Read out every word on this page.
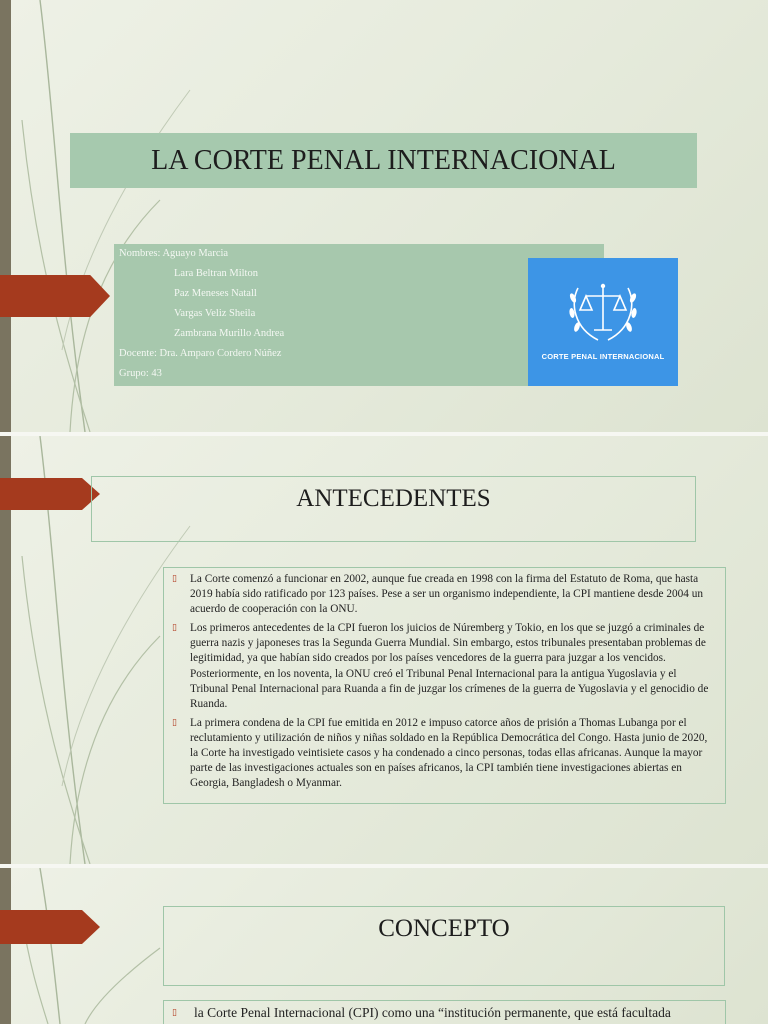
LA CORTE PENAL INTERNACIONAL
Nombres: Aguayo Marcia
Lara Beltran Milton
Paz Meneses Natall
Vargas Veliz Sheila
Zambrana Murillo Andrea
Docente: Dra. Amparo Cordero Núñez
Grupo: 43
CORTE PENAL INTERNACIONAL
ANTECEDENTES
▯ La Corte comenzó a funcionar en 2002, aunque fue creada en 1998 con la firma del Estatuto de Roma, que hasta 2019 había sido ratificado por 123 países. Pese a ser un organismo independiente, la CPI mantiene desde 2004 un acuerdo de cooperación con la ONU.
▯ Los primeros antecedentes de la CPI fueron los juicios de Núremberg y Tokio, en los que se juzgó a criminales de guerra nazis y japoneses tras la Segunda Guerra Mundial. Sin embargo, estos tribunales presentaban problemas de legitimidad, ya que habían sido creados por los países vencedores de la guerra para juzgar a los vencidos. Posteriormente, en los noventa, la ONU creó el Tribunal Penal Internacional para la antigua Yugoslavia y el Tribunal Penal Internacional para Ruanda a fin de juzgar los crímenes de la guerra de Yugoslavia y el genocidio de Ruanda.
▯ La primera condena de la CPI fue emitida en 2012 e impuso catorce años de prisión a Thomas Lubanga por el reclutamiento y utilización de niños y niñas soldado en la República Democrática del Congo. Hasta junio de 2020, la Corte ha investigado veintisiete casos y ha condenado a cinco personas, todas ellas africanas. Aunque la mayor parte de las investigaciones actuales son en países africanos, la CPI también tiene investigaciones abiertas en Georgia, Bangladesh o Myanmar.
CONCEPTO
▯ la Corte Penal Internacional (CPI) como una “institución permanente, que está facultada
